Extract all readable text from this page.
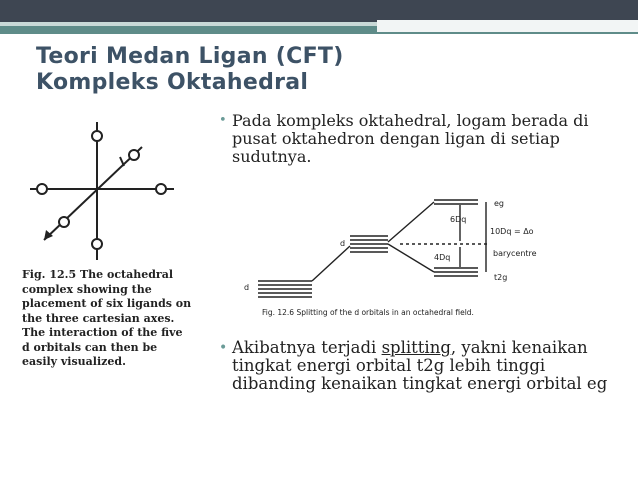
Teori Medan Ligan (CFT)
Kompleks Oktahedral
Fig. 12.5 The octahedral complex showing the placement of six ligands on the three cartesian axes. The interaction of the five d orbitals can then be easily visualized.
• Pada kompleks oktahedral, logam berada di pusat oktahedron dengan ligan di setiap sudutnya.
eg
6Dq
10Dq = Δo
4Dq	barycentre
t2g
d
d
Fig. 12.6 Splitting of the d orbitals in an octahedral field.
• Akibatnya terjadi splitting, yakni kenaikan tingkat energi orbital t2g lebih tinggi dibanding kenaikan tingkat energi orbital eg
